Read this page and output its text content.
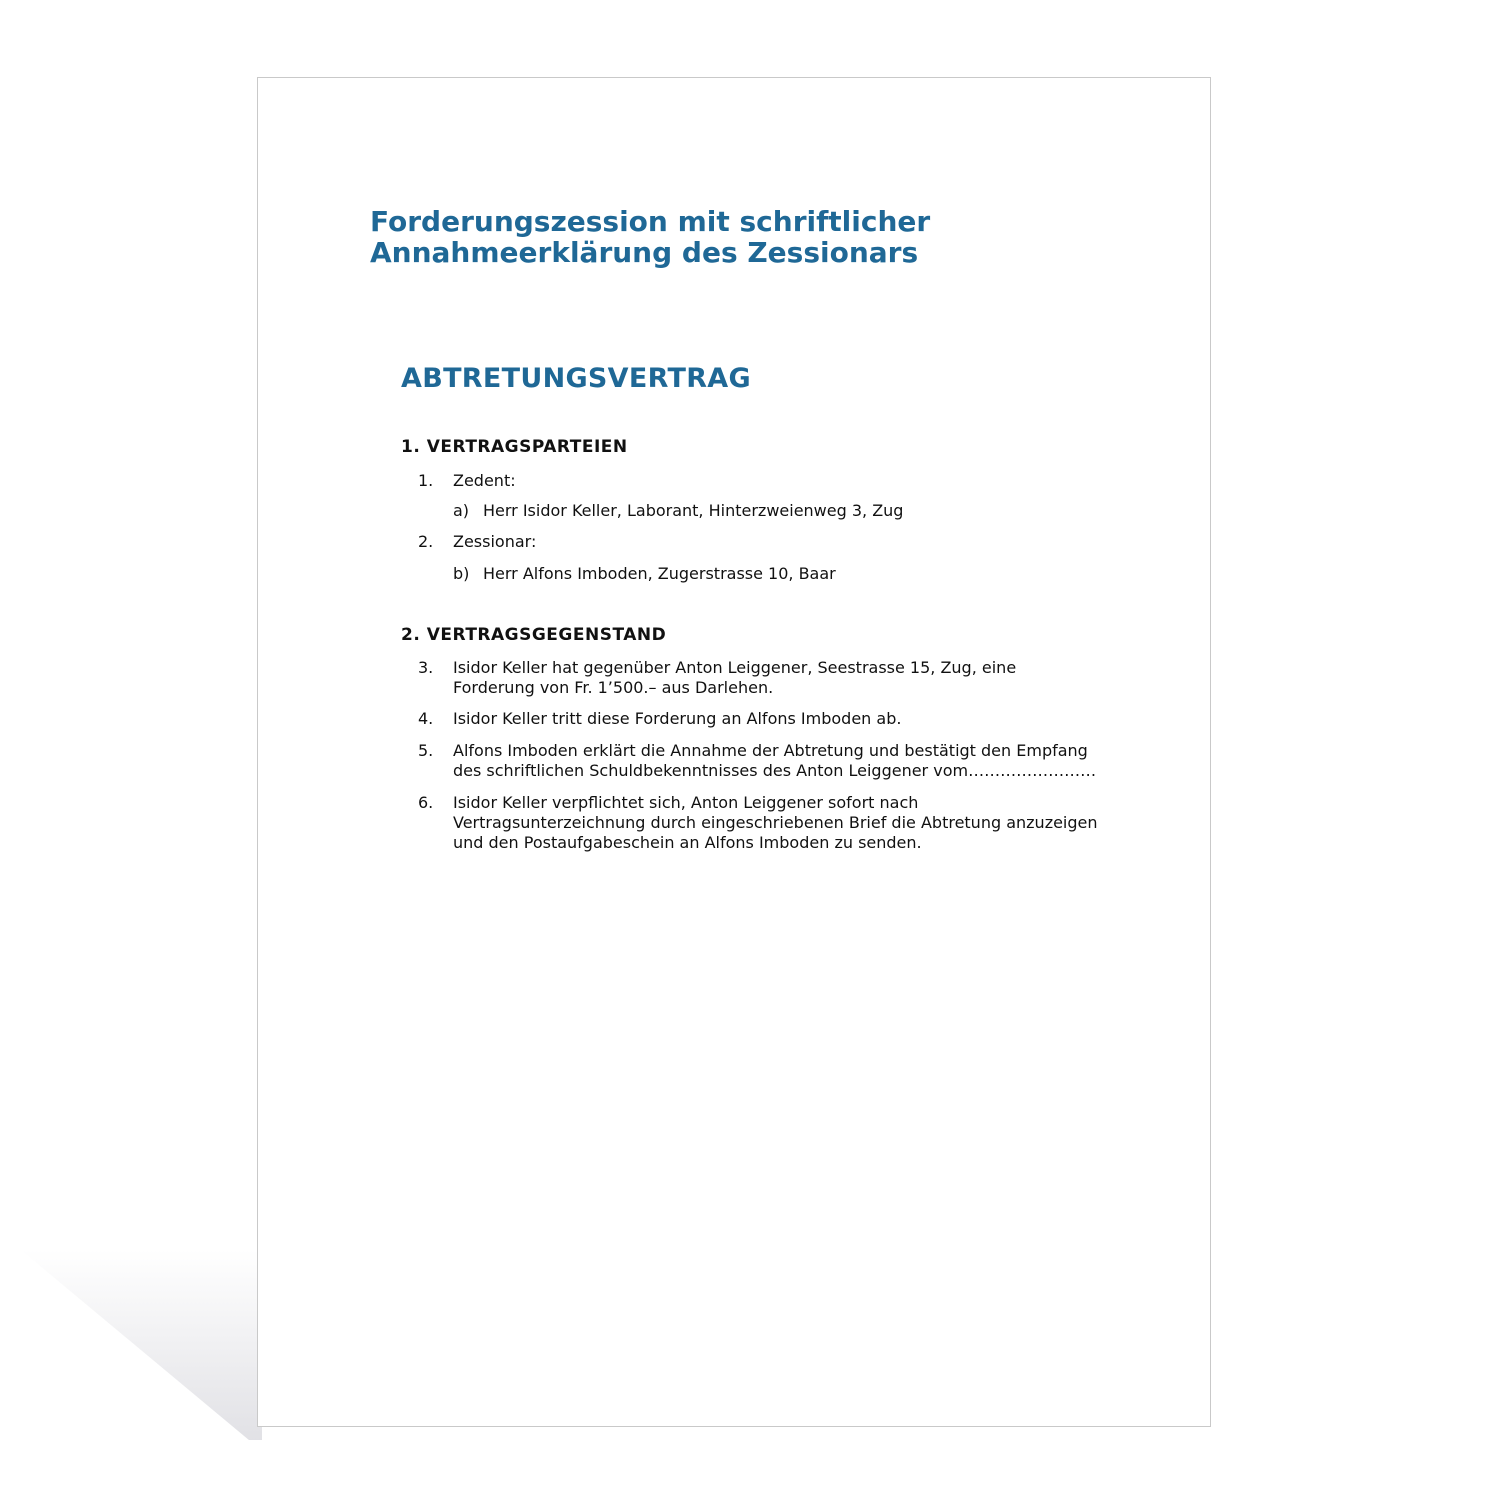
Forderungszession mit schriftlicher
Annahmeerklärung des Zessionars
ABTRETUNGSVERTRAG
1. VERTRAGSPARTEIEN
1. Zedent:
a) Herr Isidor Keller, Laborant, Hinterzweienweg 3, Zug
2. Zessionar:
b) Herr Alfons Imboden, Zugerstrasse 10, Baar
2. VERTRAGSGEGENSTAND
3. Isidor Keller hat gegenüber Anton Leiggener, Seestrasse 15, Zug, eine
Forderung von Fr. 1’500.– aus Darlehen.
4. Isidor Keller tritt diese Forderung an Alfons Imboden ab.
5. Alfons Imboden erklärt die Annahme der Abtretung und bestätigt den Empfang
des schriftlichen Schuldbekenntnisses des Anton Leiggener vom……………………
6. Isidor Keller verpflichtet sich, Anton Leiggener sofort nach
Vertragsunterzeichnung durch eingeschriebenen Brief die Abtretung anzuzeigen
und den Postaufgabeschein an Alfons Imboden zu senden.
